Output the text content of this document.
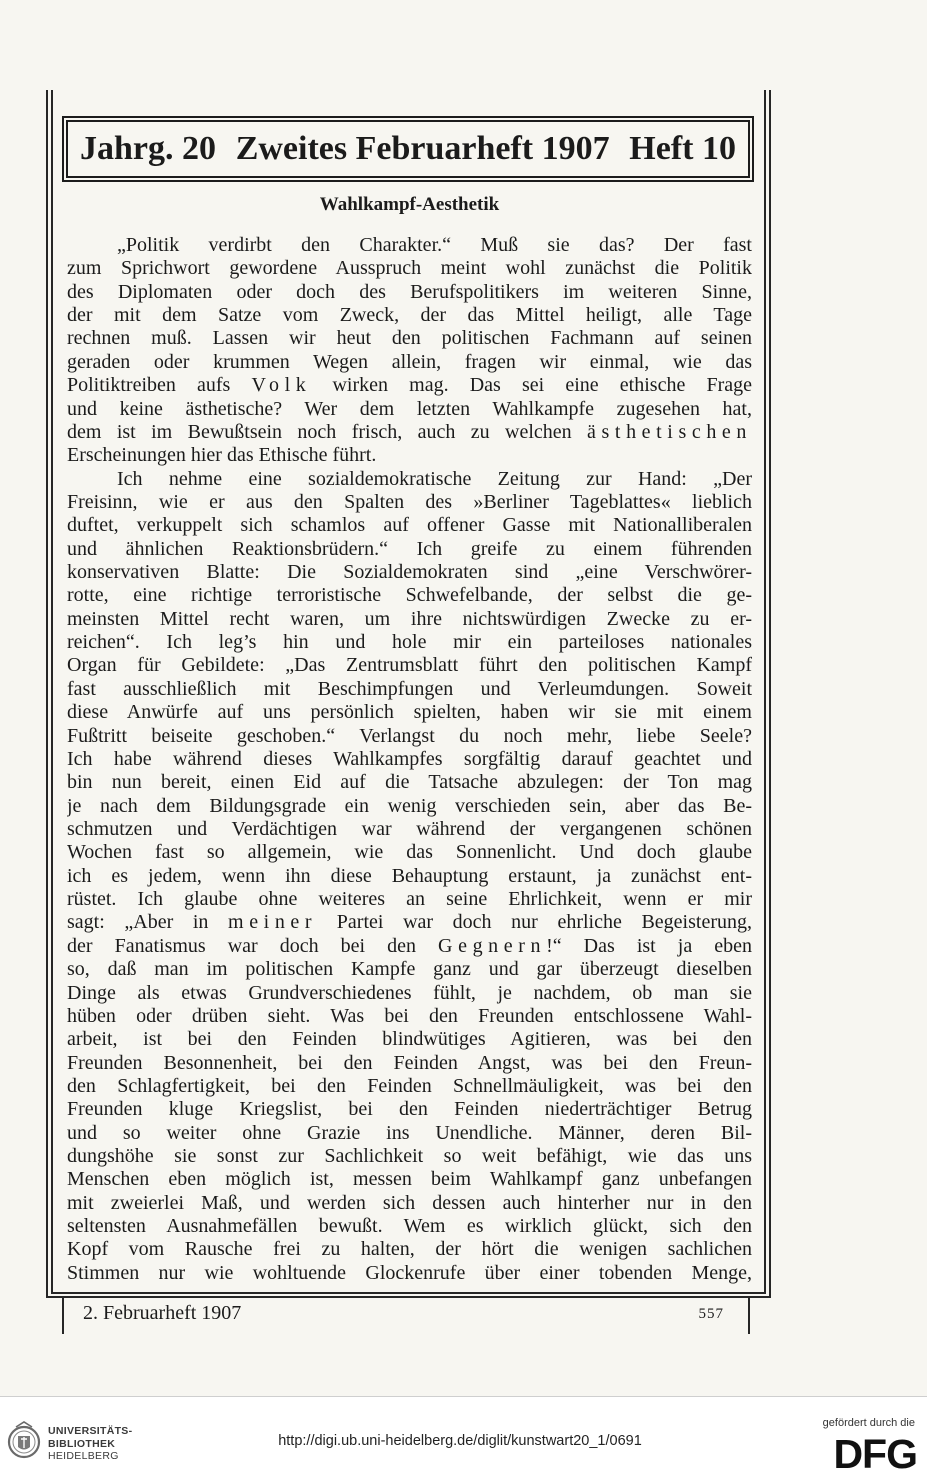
Jahrg. 20 Zweites Februarheft 1907 Heft 10
Wahlkampf-Aesthetik
„Politik verdirbt den Charakter.“ Muß sie das? Der fast
zum Sprichwort gewordene Ausspruch meint wohl zunächst die Politik
des Diplomaten oder doch des Berufspolitikers im weiteren Sinne,
der mit dem Satze vom Zweck, der das Mittel heiligt, alle Tage
rechnen muß. Lassen wir heut den politischen Fachmann auf seinen
geraden oder krummen Wegen allein, fragen wir einmal, wie das
Politiktreiben aufs Volk wirken mag. Das sei eine ethische Frage
und keine ästhetische? Wer dem letzten Wahlkampfe zugesehen hat,
dem ist im Bewußtsein noch frisch, auch zu welchen ästhetischen
Erscheinungen hier das Ethische führt.
Ich nehme eine sozialdemokratische Zeitung zur Hand: „Der
Freisinn, wie er aus den Spalten des »Berliner Tageblattes« lieblich
duftet, verkuppelt sich schamlos auf offener Gasse mit Nationalliberalen
und ähnlichen Reaktionsbrüdern.“ Ich greife zu einem führenden
konservativen Blatte: Die Sozialdemokraten sind „eine Verschwörer-
rotte, eine richtige terroristische Schwefelbande, der selbst die ge-
meinsten Mittel recht waren, um ihre nichtswürdigen Zwecke zu er-
reichen“. Ich leg’s hin und hole mir ein parteiloses nationales
Organ für Gebildete: „Das Zentrumsblatt führt den politischen Kampf
fast ausschließlich mit Beschimpfungen und Verleumdungen. Soweit
diese Anwürfe auf uns persönlich spielten, haben wir sie mit einem
Fußtritt beiseite geschoben.“ Verlangst du noch mehr, liebe Seele?
Ich habe während dieses Wahlkampfes sorgfältig darauf geachtet und
bin nun bereit, einen Eid auf die Tatsache abzulegen: der Ton mag
je nach dem Bildungsgrade ein wenig verschieden sein, aber das Be-
schmutzen und Verdächtigen war während der vergangenen schönen
Wochen fast so allgemein, wie das Sonnenlicht. Und doch glaube
ich es jedem, wenn ihn diese Behauptung erstaunt, ja zunächst ent-
rüstet. Ich glaube ohne weiteres an seine Ehrlichkeit, wenn er mir
sagt: „Aber in meiner Partei war doch nur ehrliche Begeisterung,
der Fanatismus war doch bei den Gegnern!“ Das ist ja eben
so, daß man im politischen Kampfe ganz und gar überzeugt dieselben
Dinge als etwas Grundverschiedenes fühlt, je nachdem, ob man sie
hüben oder drüben sieht. Was bei den Freunden entschlossene Wahl-
arbeit, ist bei den Feinden blindwütiges Agitieren, was bei den
Freunden Besonnenheit, bei den Feinden Angst, was bei den Freun-
den Schlagfertigkeit, bei den Feinden Schnellmäuligkeit, was bei den
Freunden kluge Kriegslist, bei den Feinden niederträchtiger Betrug
und so weiter ohne Grazie ins Unendliche. Männer, deren Bil-
dungshöhe sie sonst zur Sachlichkeit so weit befähigt, wie das uns
Menschen eben möglich ist, messen beim Wahlkampf ganz unbefangen
mit zweierlei Maß, und werden sich dessen auch hinterher nur in den
seltensten Ausnahmefällen bewußt. Wem es wirklich glückt, sich den
Kopf vom Rausche frei zu halten, der hört die wenigen sachlichen
Stimmen nur wie wohltuende Glockenrufe über einer tobenden Menge,
2. Februarheft 1907	557
UNIVERSITÄTS-
BIBLIOTHEK
HEIDELBERG
http://digi.ub.uni-heidelberg.de/diglit/kunstwart20_1/0691
gefördert durch die
DFG
